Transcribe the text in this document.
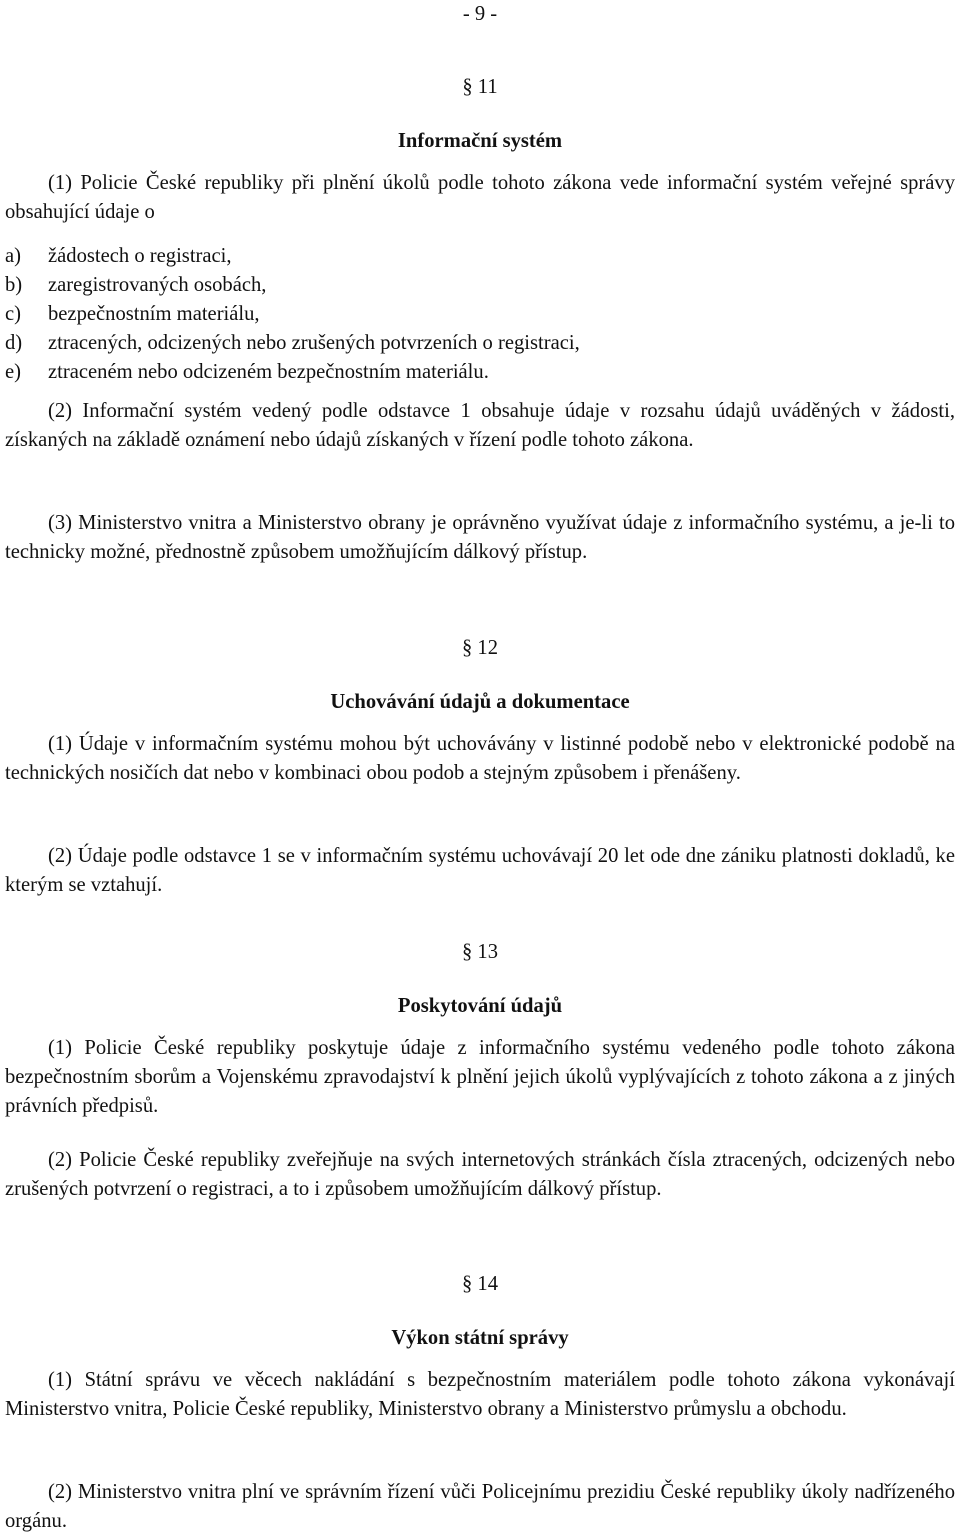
- 9 -
§ 11
Informační systém

(1) Policie České republiky při plnění úkolů podle tohoto zákona vede informační systém veřejné správy obsahující údaje o

a)	žádostech o registraci,
b)	zaregistrovaných osobách,
c)	bezpečnostním materiálu,
d)	ztracených, odcizených nebo zrušených potvrzeních o registraci,
e)	ztraceném nebo odcizeném bezpečnostním materiálu.

(2) Informační systém vedený podle odstavce 1 obsahuje údaje v rozsahu údajů uváděných v žádosti, získaných na základě oznámení nebo údajů získaných v řízení podle tohoto zákona.

(3) Ministerstvo vnitra a Ministerstvo obrany je oprávněno využívat údaje z informačního systému, a je-li to technicky možné, přednostně způsobem umožňujícím dálkový přístup.

§ 12
Uchovávání údajů a dokumentace

(1) Údaje v informačním systému mohou být uchovávány v listinné podobě nebo v elektronické podobě na technických nosičích dat nebo v kombinaci obou podob a stejným způsobem i přenášeny.

(2) Údaje podle odstavce 1 se v informačním systému uchovávají 20 let ode dne zániku platnosti dokladů, ke kterým se vztahují.

§ 13
Poskytování údajů

(1) Policie České republiky poskytuje údaje z informačního systému vedeného podle tohoto zákona bezpečnostním sborům a Vojenskému zpravodajství k plnění jejich úkolů vyplývajících z tohoto zákona a z jiných právních předpisů.

(2) Policie České republiky zveřejňuje na svých internetových stránkách čísla ztracených, odcizených nebo zrušených potvrzení o registraci, a to i způsobem umožňujícím dálkový přístup.

§ 14
Výkon státní správy

(1) Státní správu ve věcech nakládání s bezpečnostním materiálem podle tohoto zákona vykonávají Ministerstvo vnitra, Policie České republiky, Ministerstvo obrany a Ministerstvo průmyslu a obchodu.

(2) Ministerstvo vnitra plní ve správním řízení vůči Policejnímu prezidiu České republiky úkoly nadřízeného orgánu.
